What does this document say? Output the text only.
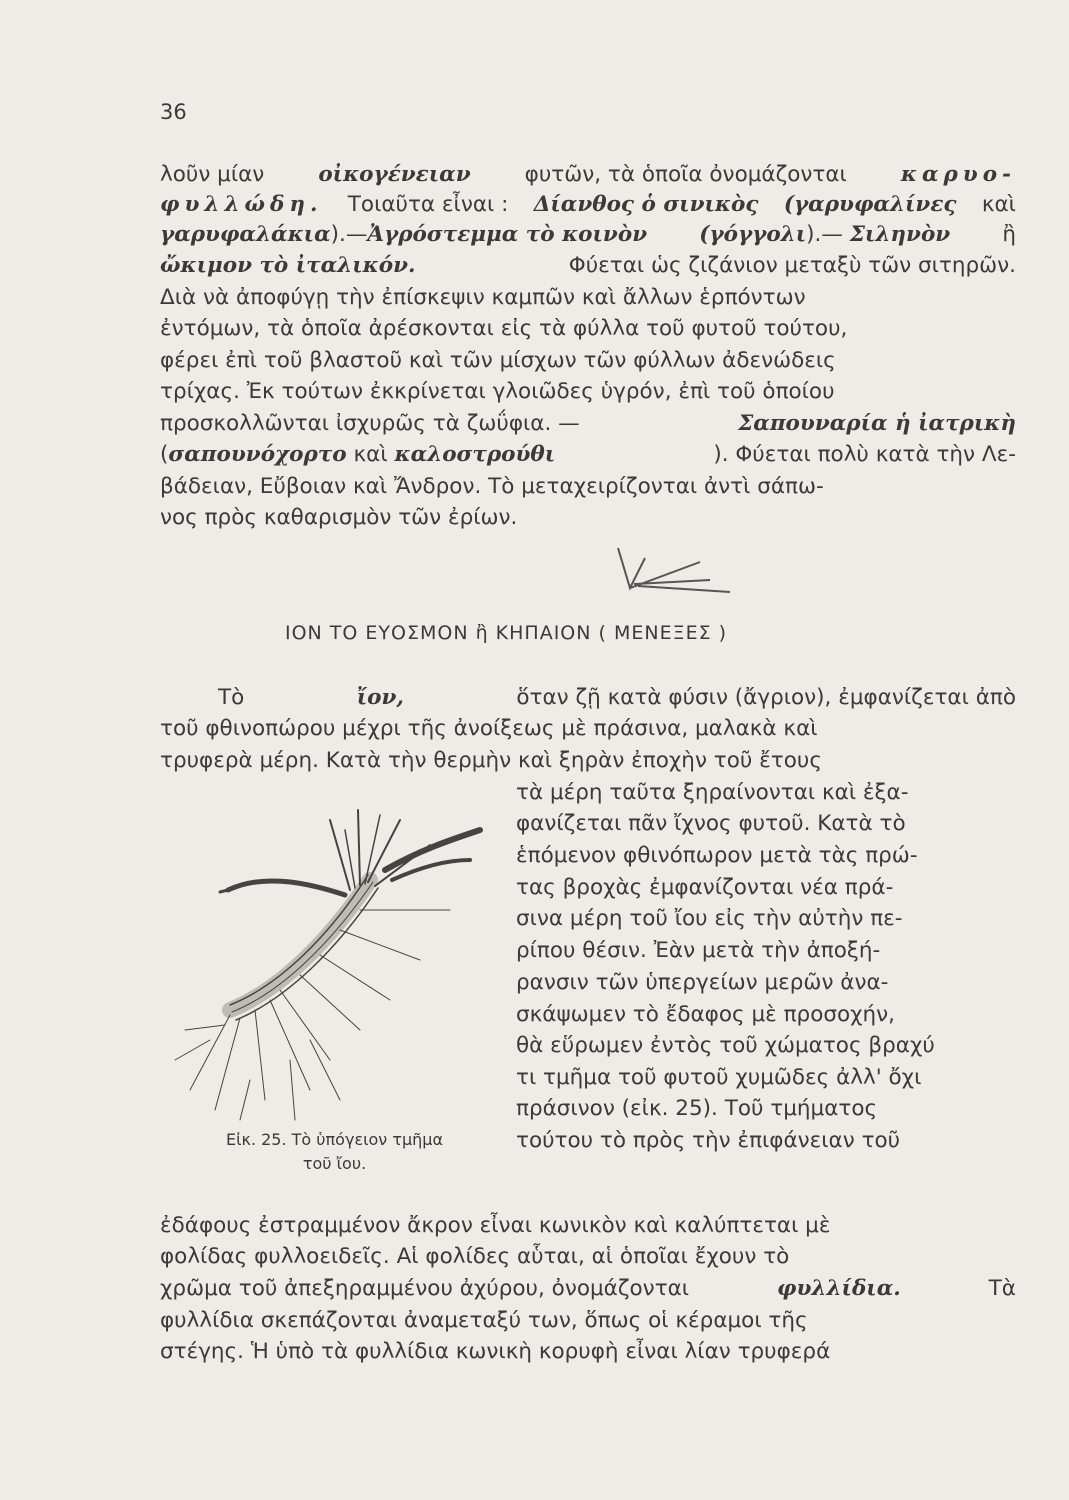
36
λοῦν μίαν	οἰκογένειαν	φυτῶν, τὰ ὁποῖα ὀνομάζονται	καρυο-
φυλλώδη. Τοιαῦτα εἶναι : Δίανθος ὁ σινικὸς (γαρυφαλίνες καὶ
γαρυφαλάκια).—Ἀγρόστεμμα τὸ κοινὸν (γόγγολι).— Σιληνὸν ἢ
ὤκιμον τὸ ἰταλικόν.	Φύεται ὡς ζιζάνιον μεταξὺ τῶν σιτηρῶν.
Διὰ νὰ ἀποφύγῃ τὴν ἐπίσκεψιν καμπῶν καὶ ἄλλων ἑρπόντων
ἐντόμων, τὰ ὁποῖα ἀρέσκονται εἰς τὰ φύλλα τοῦ φυτοῦ τούτου,
φέρει ἐπὶ τοῦ βλαστοῦ καὶ τῶν μίσχων τῶν φύλλων ἀδενώδεις
τρίχας. Ἐκ τούτων ἐκκρίνεται γλοιῶδες ὑγρόν, ἐπὶ τοῦ ὁποίου
προσκολλῶνται ἰσχυρῶς τὰ ζωΰφια. —	Σαπουναρία ἡ ἰατρικὴ
(σαπουνόχορτο καὶ καλοστρούθι	). Φύεται πολὺ κατὰ τὴν Λε-
βάδειαν, Εὔβοιαν καὶ Ἄνδρον. Τὸ μεταχειρίζονται ἀντὶ σάπω-
νος πρὸς καθαρισμὸν τῶν ἐρίων.
ΙΟΝ ΤΟ ΕΥΟΣΜΟΝ ἢ ΚΗΠΑΙΟΝ ( ΜΕΝΕΞΕΣ )
Τὸ	ἴον,	ὅταν ζῇ κατὰ φύσιν (ἄγριον), ἐμφανίζεται ἀπὸ
τοῦ φθινοπώρου μέχρι τῆς ἀνοίξεως μὲ πράσινα, μαλακὰ καὶ
τρυφερὰ μέρη. Κατὰ τὴν θερμὴν καὶ ξηρὰν ἐποχὴν τοῦ ἔτους
τὰ μέρη ταῦτα ξηραίνονται καὶ ἐξα-
φανίζεται πᾶν ἴχνος φυτοῦ. Κατὰ τὸ
ἑπόμενον φθινόπωρον μετὰ τὰς πρώ-
τας βροχὰς ἐμφανίζονται νέα πρά-
σινα μέρη τοῦ ἴου εἰς τὴν αὐτὴν πε-
ρίπου θέσιν. Ἐὰν μετὰ τὴν ἀποξή-
ρανσιν τῶν ὑπεργείων μερῶν ἀνα-
σκάψωμεν τὸ ἔδαφος μὲ προσοχήν,
θὰ εὕρωμεν ἐντὸς τοῦ χώματος βραχύ
τι τμῆμα τοῦ φυτοῦ χυμῶδες ἀλλ' ὄχι
πράσινον (εἰκ. 25). Τοῦ τμήματος
τούτου τὸ πρὸς τὴν ἐπιφάνειαν τοῦ
Εἰκ. 25. Τὸ ὑπόγειον τμῆμα
τοῦ ἴου.
ἐδάφους ἐστραμμένον ἄκρον εἶναι κωνικὸν καὶ καλύπτεται μὲ
φολίδας φυλλοειδεῖς. Αἱ φολίδες αὗται, αἱ ὁποῖαι ἔχουν τὸ
χρῶμα τοῦ ἀπεξηραμμένου ἀχύρου, ὀνομάζονται	φυλλίδια.	Τὰ
φυλλίδια σκεπάζονται ἀναμεταξύ των, ὅπως οἱ κέραμοι τῆς
στέγης. Ἡ ὑπὸ τὰ φυλλίδια κωνικὴ κορυφὴ εἶναι λίαν τρυφερά
